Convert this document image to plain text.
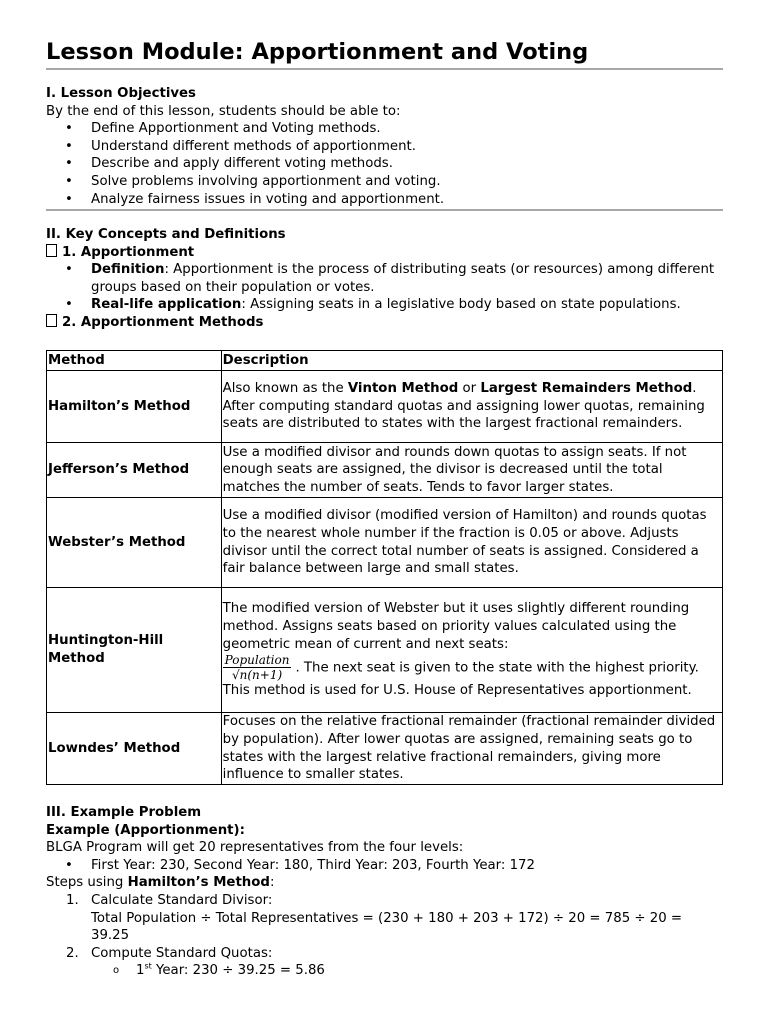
Lesson Module: Apportionment and Voting
I. Lesson Objectives
By the end of this lesson, students should be able to:
• Define Apportionment and Voting methods.
• Understand different methods of apportionment.
• Describe and apply different voting methods.
• Solve problems involving apportionment and voting.
• Analyze fairness issues in voting and apportionment.
II. Key Concepts and Definitions
1. Apportionment
• Definition: Apportionment is the process of distributing seats (or resources) among different groups based on their population or votes.
• Real-life application: Assigning seats in a legislative body based on state populations.
2. Apportionment Methods
Method	Description
Hamilton’s Method	Also known as the Vinton Method or Largest Remainders Method. After computing standard quotas and assigning lower quotas, remaining seats are distributed to states with the largest fractional remainders.
Jefferson’s Method	Use a modified divisor and rounds down quotas to assign seats. If not enough seats are assigned, the divisor is decreased until the total matches the number of seats. Tends to favor larger states.
Webster’s Method	Use a modified divisor (modified version of Hamilton) and rounds quotas to the nearest whole number if the fraction is 0.05 or above. Adjusts divisor until the correct total number of seats is assigned. Considered a fair balance between large and small states.
Huntington-Hill Method	The modified version of Webster but it uses slightly different rounding method. Assigns seats based on priority values calculated using the geometric mean of current and next seats:

$\frac{\text{Population}}{√n(n+1)}$ . The next seat is given to the state with the highest priority. This method is used for U.S. House of Representatives apportionment.
Lowndes’ Method	Focuses on the relative fractional remainder (fractional remainder divided by population). After lower quotas are assigned, remaining seats go to states with the largest relative fractional remainders, giving more influence to smaller states.
III. Example Problem
Example (Apportionment):
BLGA Program will get 20 representatives from the four levels:
• First Year: 230, Second Year: 180, Third Year: 203, Fourth Year: 172
Steps using Hamilton’s Method:
1. Calculate Standard Divisor:
Total Population ÷ Total Representatives = (230 + 180 + 203 + 172) ÷ 20 = 785 ÷ 20 = 39.25
2. Compute Standard Quotas:
o 1st Year: 230 ÷ 39.25 = 5.86
